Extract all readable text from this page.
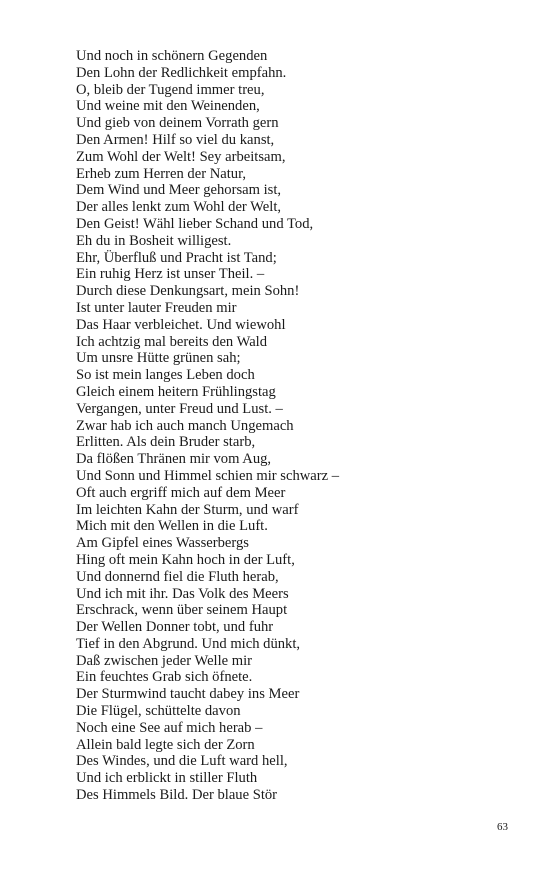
Und noch in schönern Gegenden
Den Lohn der Redlichkeit empfahn.
O, bleib der Tugend immer treu,
Und weine mit den Weinenden,
Und gieb von deinem Vorrath gern
Den Armen! Hilf so viel du kanst,
Zum Wohl der Welt! Sey arbeitsam,
Erheb zum Herren der Natur,
Dem Wind und Meer gehorsam ist,
Der alles lenkt zum Wohl der Welt,
Den Geist! Wähl lieber Schand und Tod,
Eh du in Bosheit willigest.
Ehr, Überfluß und Pracht ist Tand;
Ein ruhig Herz ist unser Theil. –
Durch diese Denkungsart, mein Sohn!
Ist unter lauter Freuden mir
Das Haar verbleichet. Und wiewohl
Ich achtzig mal bereits den Wald
Um unsre Hütte grünen sah;
So ist mein langes Leben doch
Gleich einem heitern Frühlingstag
Vergangen, unter Freud und Lust. –
Zwar hab ich auch manch Ungemach
Erlitten. Als dein Bruder starb,
Da flößen Thränen mir vom Aug,
Und Sonn und Himmel schien mir schwarz –
Oft auch ergriff mich auf dem Meer
Im leichten Kahn der Sturm, und warf
Mich mit den Wellen in die Luft.
Am Gipfel eines Wasserbergs
Hing oft mein Kahn hoch in der Luft,
Und donnernd fiel die Fluth herab,
Und ich mit ihr. Das Volk des Meers
Erschrack, wenn über seinem Haupt
Der Wellen Donner tobt, und fuhr
Tief in den Abgrund. Und mich dünkt,
Daß zwischen jeder Welle mir
Ein feuchtes Grab sich öfnete.
Der Sturmwind taucht dabey ins Meer
Die Flügel, schüttelte davon
Noch eine See auf mich herab –
Allein bald legte sich der Zorn
Des Windes, und die Luft ward hell,
Und ich erblickt in stiller Fluth
Des Himmels Bild. Der blaue Stör
63
